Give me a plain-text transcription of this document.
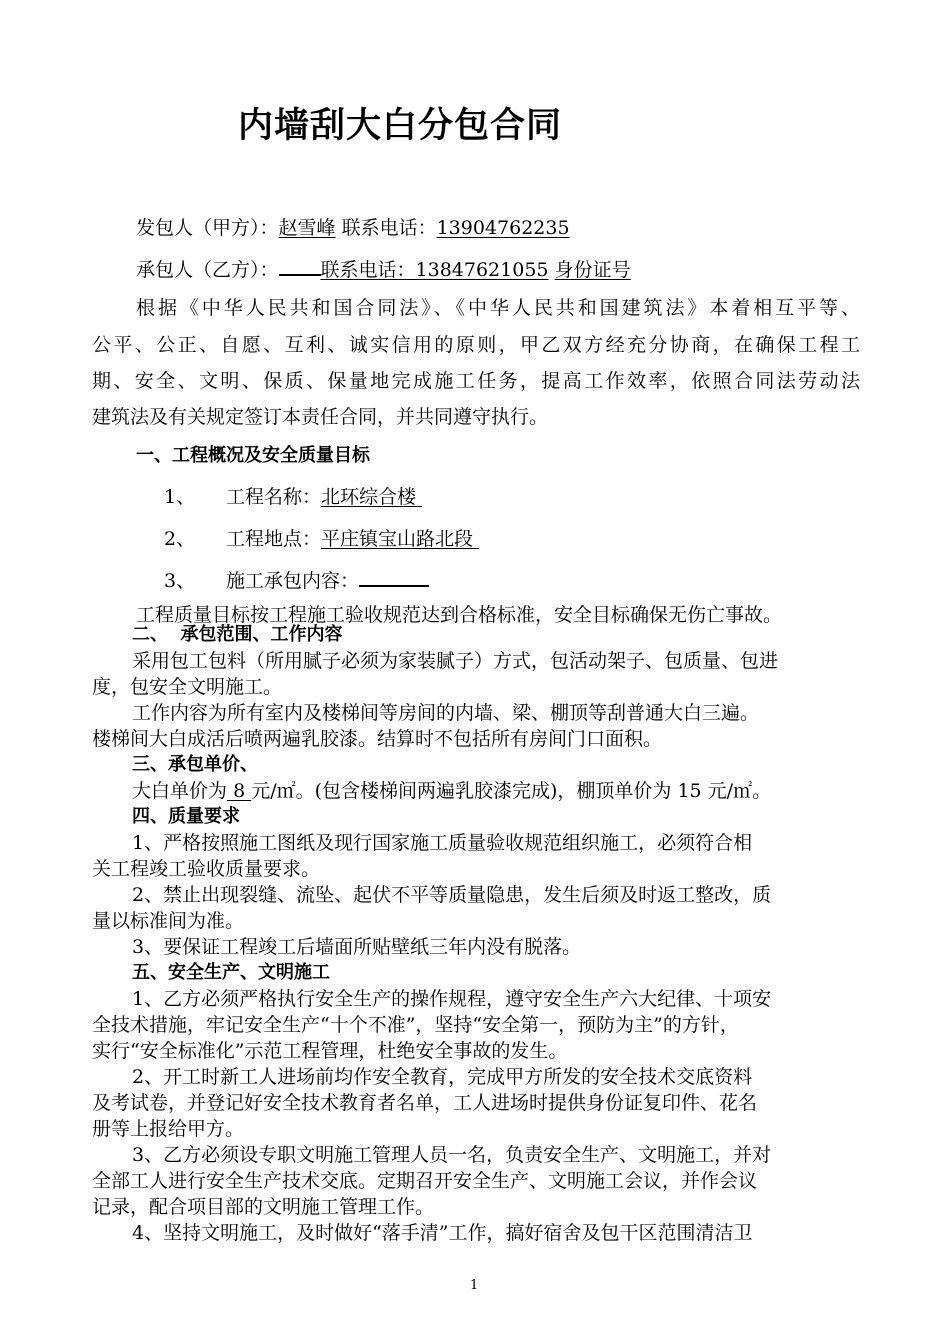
内墙刮大白分包合同
发包人（甲方）：赵雪峰 联系电话：13904762235
承包人（乙方）： 联系电话：13847621055 身份证号
根据《中华人民共和国合同法》、《中华人民共和国建筑法》本着相互平等、
公平、公正、自愿、互利、诚实信用的原则，甲乙双方经充分协商，在确保工程工
期、安全、文明、保质、保量地完成施工任务，提高工作效率，依照合同法劳动法
建筑法及有关规定签订本责任合同，并共同遵守执行。
一、工程概况及安全质量目标
1、 工程名称：北环综合楼
2、 工程地点：平庄镇宝山路北段
3、 施工承包内容：
工程质量目标按工程施工验收规范达到合格标准，安全目标确保无伤亡事故。
二、  承包范围、工作内容
采用包工包料（所用腻子必须为家装腻子）方式，包活动架子、包质量、包进
度，包安全文明施工。
工作内容为所有室内及楼梯间等房间的内墙、梁、棚顶等刮普通大白三遍。
楼梯间大白成活后喷两遍乳胶漆。结算时不包括所有房间门口面积。
三、承包单价、
大白单价为 8 元/㎡。(包含楼梯间两遍乳胶漆完成)，棚顶单价为 15 元/㎡。
四、质量要求
1、严格按照施工图纸及现行国家施工质量验收规范组织施工，必须符合相
关工程竣工验收质量要求。
2、禁止出现裂缝、流坠、起伏不平等质量隐患，发生后须及时返工整改，质
量以标准间为准。
3、要保证工程竣工后墙面所贴壁纸三年内没有脱落。
五、安全生产、文明施工
1、乙方必须严格执行安全生产的操作规程，遵守安全生产六大纪律、十项安
全技术措施，牢记安全生产“十个不准”，坚持“安全第一，预防为主”的方针，
实行“安全标准化”示范工程管理，杜绝安全事故的发生。
2、开工时新工人进场前均作安全教育，完成甲方所发的安全技术交底资料
及考试卷，并登记好安全技术教育者名单，工人进场时提供身份证复印件、花名
册等上报给甲方。
3、乙方必须设专职文明施工管理人员一名，负责安全生产、文明施工，并对
全部工人进行安全生产技术交底。定期召开安全生产、文明施工会议，并作会议
记录，配合项目部的文明施工管理工作。
4、坚持文明施工，及时做好“落手清”工作，搞好宿舍及包干区范围清洁卫
1
